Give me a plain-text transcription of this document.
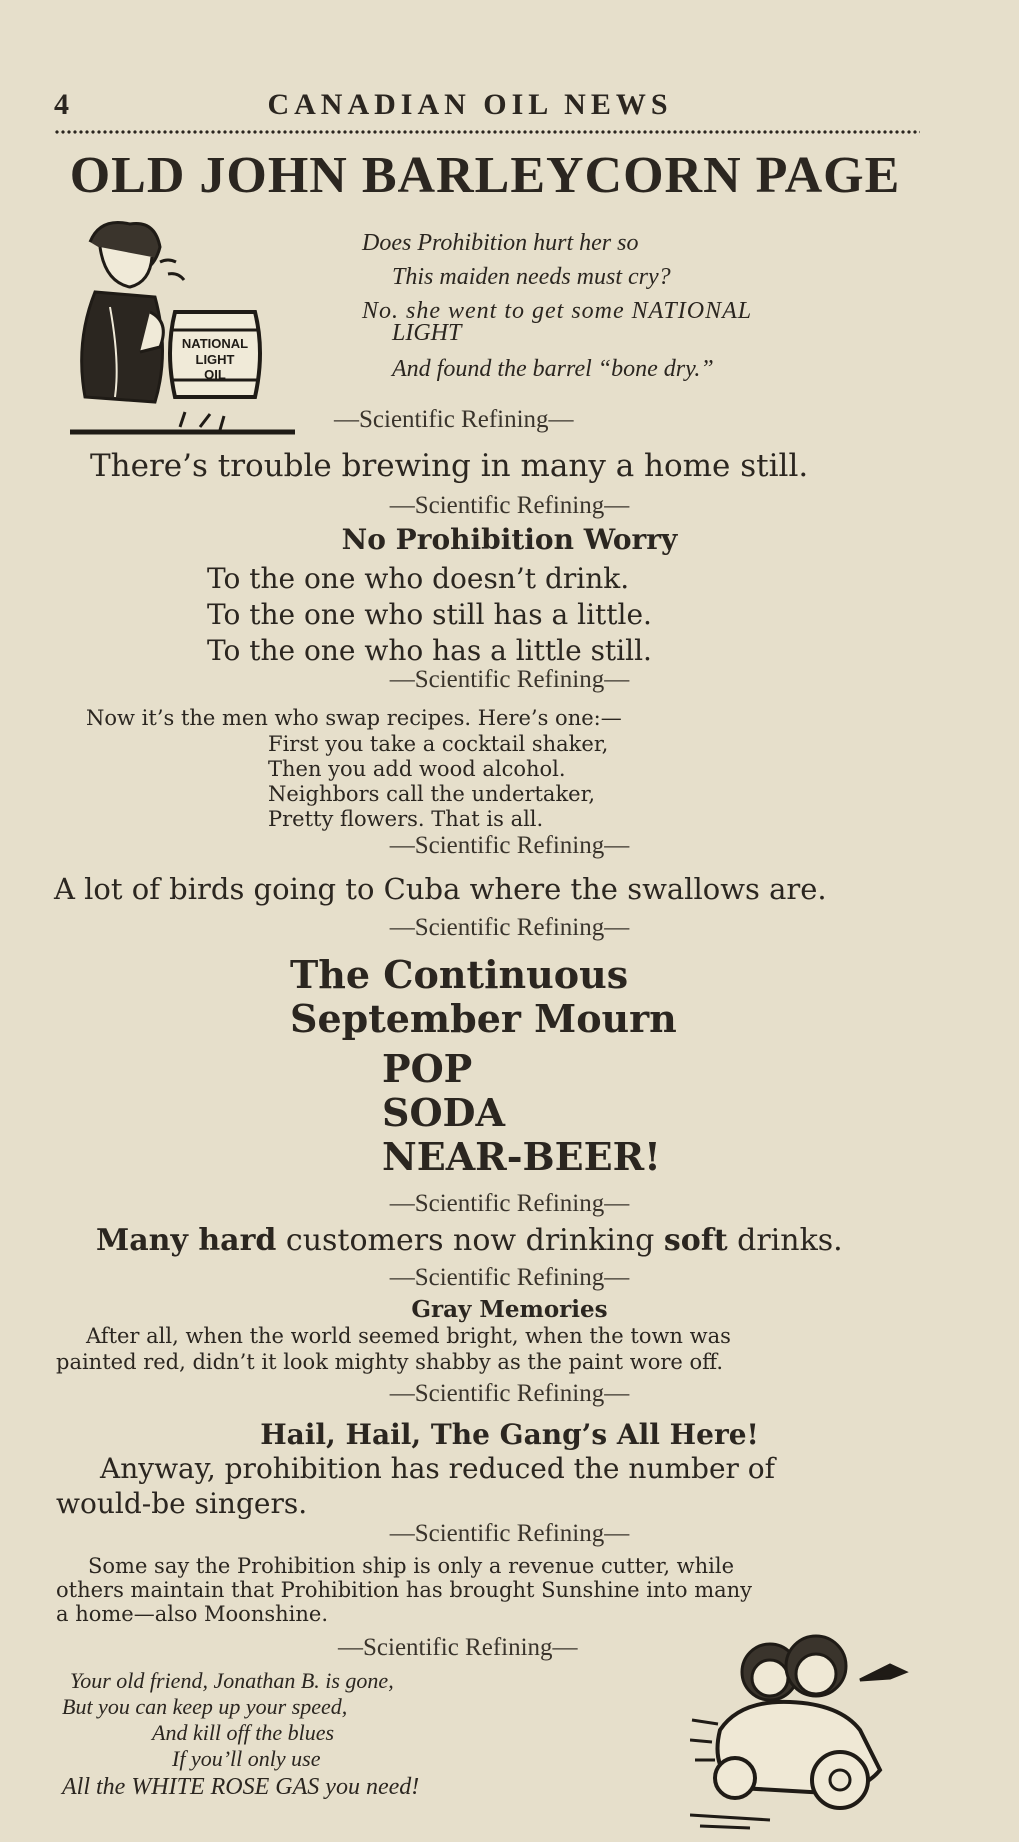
4	CANADIAN OIL NEWS
OLD JOHN BARLEYCORN PAGE
NATIONAL
LIGHT
OIL
Does Prohibition hurt her so
This maiden needs must cry?
No. she went to get some NATIONAL
LIGHT
And found the barrel “bone dry.”
—Scientific Refining—
There’s trouble brewing in many a home still.
—Scientific Refining—
No Prohibition Worry
To the one who doesn’t drink.
To the one who still has a little.
To the one who has a little still.
—Scientific Refining—
Now it’s the men who swap recipes. Here’s one:—
First you take a cocktail shaker,
Then you add wood alcohol.
Neighbors call the undertaker,
Pretty flowers. That is all.
—Scientific Refining—
A lot of birds going to Cuba where the swallows are.
—Scientific Refining—
The Continuous
September Mourn
POP
SODA
NEAR-BEER!
—Scientific Refining—
Many hard customers now drinking soft drinks.
—Scientific Refining—
Gray Memories
After all, when the world seemed bright, when the town was
painted red, didn’t it look mighty shabby as the paint wore off.
—Scientific Refining—
Hail, Hail, The Gang’s All Here!
Anyway, prohibition has reduced the number of
would-be singers.
—Scientific Refining—
Some say the Prohibition ship is only a revenue cutter, while
others maintain that Prohibition has brought Sunshine into many
a home—also Moonshine.
—Scientific Refining—
Your old friend, Jonathan B. is gone,
But you can keep up your speed,
And kill off the blues
If you’ll only use
All the WHITE ROSE GAS you need!
